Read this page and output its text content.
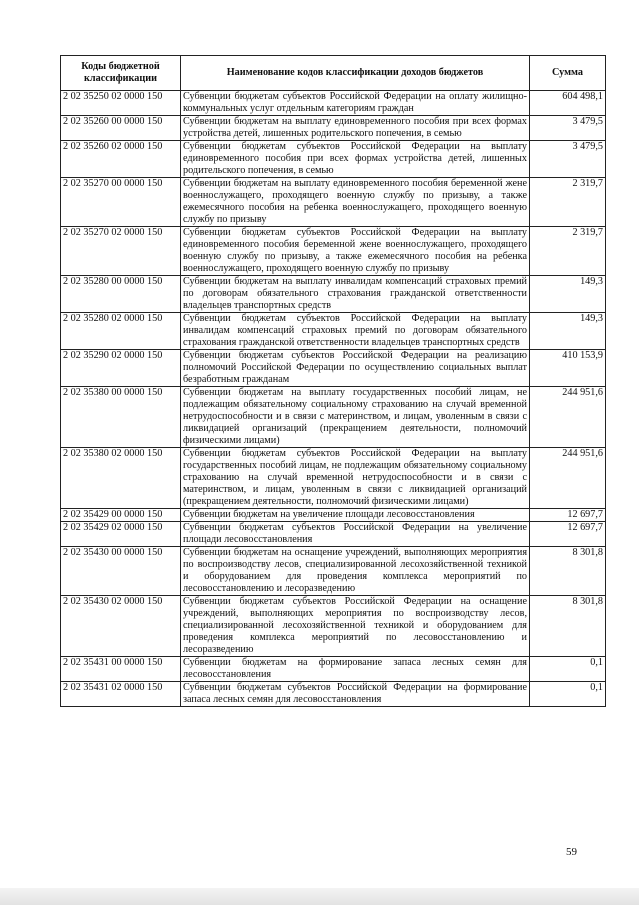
Коды бюджетной классификации	Наименование кодов классификации доходов бюджетов	Сумма
2 02 35250 02 0000 150	Субвенции бюджетам субъектов Российской Федерации на оплату жилищно-коммунальных услуг отдельным категориям граждан	604 498,1
2 02 35260 00 0000 150	Субвенции бюджетам на выплату единовременного пособия при всех формах устройства детей, лишенных родительского попечения, в семью	3 479,5
2 02 35260 02 0000 150	Субвенции бюджетам субъектов Российской Федерации на выплату единовременного пособия при всех формах устройства детей, лишенных родительского попечения, в семью	3 479,5
2 02 35270 00 0000 150	Субвенции бюджетам на выплату единовременного пособия беременной жене военнослужащего, проходящего военную службу по призыву, а также ежемесячного пособия на ребенка военнослужащего, проходящего военную службу по призыву	2 319,7
2 02 35270 02 0000 150	Субвенции бюджетам субъектов Российской Федерации на выплату единовременного пособия беременной жене военнослужащего, проходящего военную службу по призыву, а также ежемесячного пособия на ребенка военнослужащего, проходящего военную службу по призыву	2 319,7
2 02 35280 00 0000 150	Субвенции бюджетам на выплату инвалидам компенсаций страховых премий по договорам обязательного страхования гражданской ответственности владельцев транспортных средств	149,3
2 02 35280 02 0000 150	Субвенции бюджетам субъектов Российской Федерации на выплату инвалидам компенсаций страховых премий по договорам обязательного страхования гражданской ответственности владельцев транспортных средств	149,3
2 02 35290 02 0000 150	Субвенции бюджетам субъектов Российской Федерации на реализацию полномочий Российской Федерации по осуществлению социальных выплат безработным гражданам	410 153,9
2 02 35380 00 0000 150	Субвенции бюджетам на выплату государственных пособий лицам, не подлежащим обязательному социальному страхованию на случай временной нетрудоспособности и в связи с материнством, и лицам, уволенным в связи с ликвидацией организаций (прекращением деятельности, полномочий физическими лицами)	244 951,6
2 02 35380 02 0000 150	Субвенции бюджетам субъектов Российской Федерации на выплату государственных пособий лицам, не подлежащим обязательному социальному страхованию на случай временной нетрудоспособности и в связи с материнством, и лицам, уволенным в связи с ликвидацией организаций (прекращением деятельности, полномочий физическими лицами)	244 951,6
2 02 35429 00 0000 150	Субвенции бюджетам на увеличение площади лесовосстановления	12 697,7
2 02 35429 02 0000 150	Субвенции бюджетам субъектов Российской Федерации на увеличение площади лесовосстановления	12 697,7
2 02 35430 00 0000 150	Субвенции бюджетам на оснащение учреждений, выполняющих мероприятия по воспроизводству лесов, специализированной лесохозяйственной техникой и оборудованием для проведения комплекса мероприятий по лесовосстановлению и лесоразведению	8 301,8
2 02 35430 02 0000 150	Субвенции бюджетам субъектов Российской Федерации на оснащение учреждений, выполняющих мероприятия по воспроизводству лесов, специализированной лесохозяйственной техникой и оборудованием для проведения комплекса мероприятий по лесовосстановлению и лесоразведению	8 301,8
2 02 35431 00 0000 150	Субвенции бюджетам на формирование запаса лесных семян для лесовосстановления	0,1
2 02 35431 02 0000 150	Субвенции бюджетам субъектов Российской Федерации на формирование запаса лесных семян для лесовосстановления	0,1
59
